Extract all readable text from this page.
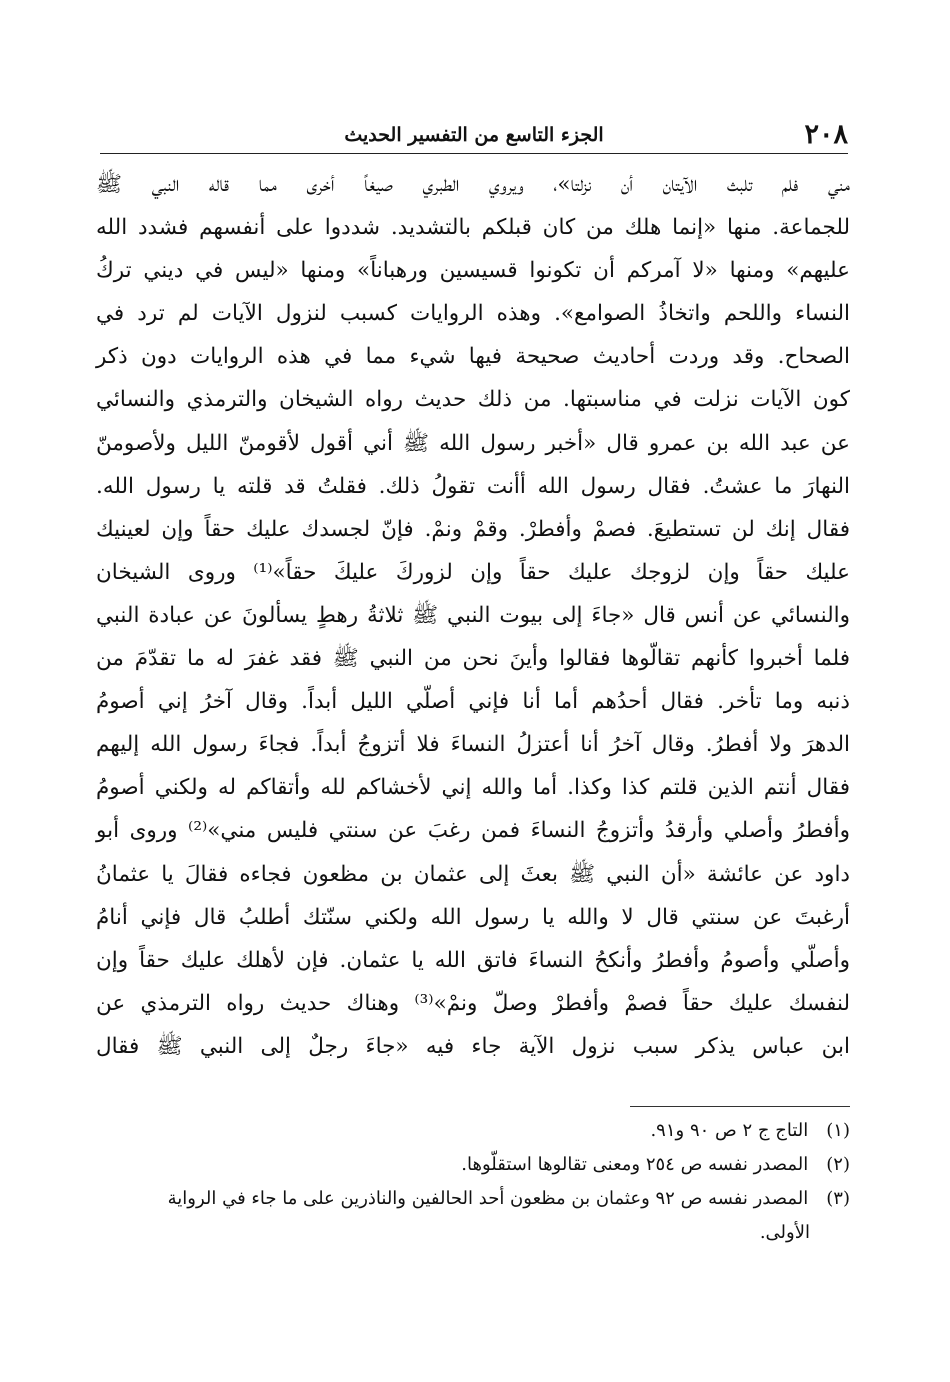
٢٠٨
الجزء التاسع من التفسير الحديث
مني فلم تلبث الآيتان أن نزلتا»، ويروي الطبري صيغاً أخرى مما قاله النبي ﷺ
للجماعة. منها «إنما هلك من كان قبلكم بالتشديد. شددوا على أنفسهم فشدد الله
عليهم» ومنها «لا آمركم أن تكونوا قسيسين ورهباناً» ومنها «ليس في ديني تركُ
النساء واللحم واتخاذُ الصوامع». وهذه الروايات كسبب لنزول الآيات لم ترد في
الصحاح. وقد وردت أحاديث صحيحة فيها شيء مما في هذه الروايات دون ذكر
كون الآيات نزلت في مناسبتها. من ذلك حديث رواه الشيخان والترمذي والنسائي
عن عبد الله بن عمرو قال «أخبر رسول الله ﷺ أني أقول لأقومنّ الليل ولأصومنّ
النهارَ ما عشتُ. فقال رسول الله أأنت تقولُ ذلك. فقلتُ قد قلته يا رسول الله.
فقال إنك لن تستطيعَ. فصمْ وأفطرْ. وقمْ ونمْ. فإنّ لجسدك عليك حقاً وإن لعينيك
عليك حقاً وإن لزوجك عليك حقاً وإن لزوركَ عليكَ حقاً»⁽¹⁾ وروى الشيخان
والنسائي عن أنس قال «جاءَ إلى بيوت النبي ﷺ ثلاثةُ رهطٍ يسألونَ عن عبادة النبي
فلما أخبروا كأنهم تقالّوها فقالوا وأينَ نحن من النبي ﷺ فقد غفرَ له ما تقدّمَ من
ذنبه وما تأخر. فقال أحدُهم أما أنا فإني أصلّي الليل أبداً. وقال آخرُ إني أصومُ
الدهرَ ولا أفطرُ. وقال آخرُ أنا أعتزلُ النساءَ فلا أتزوجُ أبداً. فجاءَ رسول الله إليهم
فقال أنتم الذين قلتم كذا وكذا. أما والله إني لأخشاكم لله وأتقاكم له ولكني أصومُ
وأفطرُ وأصلي وأرقدُ وأتزوجُ النساءَ فمن رغبَ عن سنتي فليس مني»⁽²⁾ وروى أبو
داود عن عائشة «أن النبي ﷺ بعثَ إلى عثمان بن مظعون فجاءه فقالَ يا عثمانُ
أرغبتَ عن سنتي قال لا والله يا رسول الله ولكني سنّتك أطلبُ قال فإني أنامُ
وأصلّي وأصومُ وأفطرُ وأنكحُ النساءَ فاتق الله يا عثمان. فإن لأهلك عليك حقاً وإن
لنفسك عليك حقاً فصمْ وأفطرْ وصلّ ونمْ»⁽³⁾ وهناك حديث رواه الترمذي عن
ابن عباس يذكر سبب نزول الآية جاء فيه «جاءَ رجلٌ إلى النبي ﷺ فقال
(١) التاج ج ٢ ص ٩٠ و٩١.
(٢) المصدر نفسه ص ٢٥٤ ومعنى تقالوها استقلّوها.
(٣) المصدر نفسه ص ٩٢ وعثمان بن مظعون أحد الحالفين والناذرين على ما جاء في الرواية
الأولى.
